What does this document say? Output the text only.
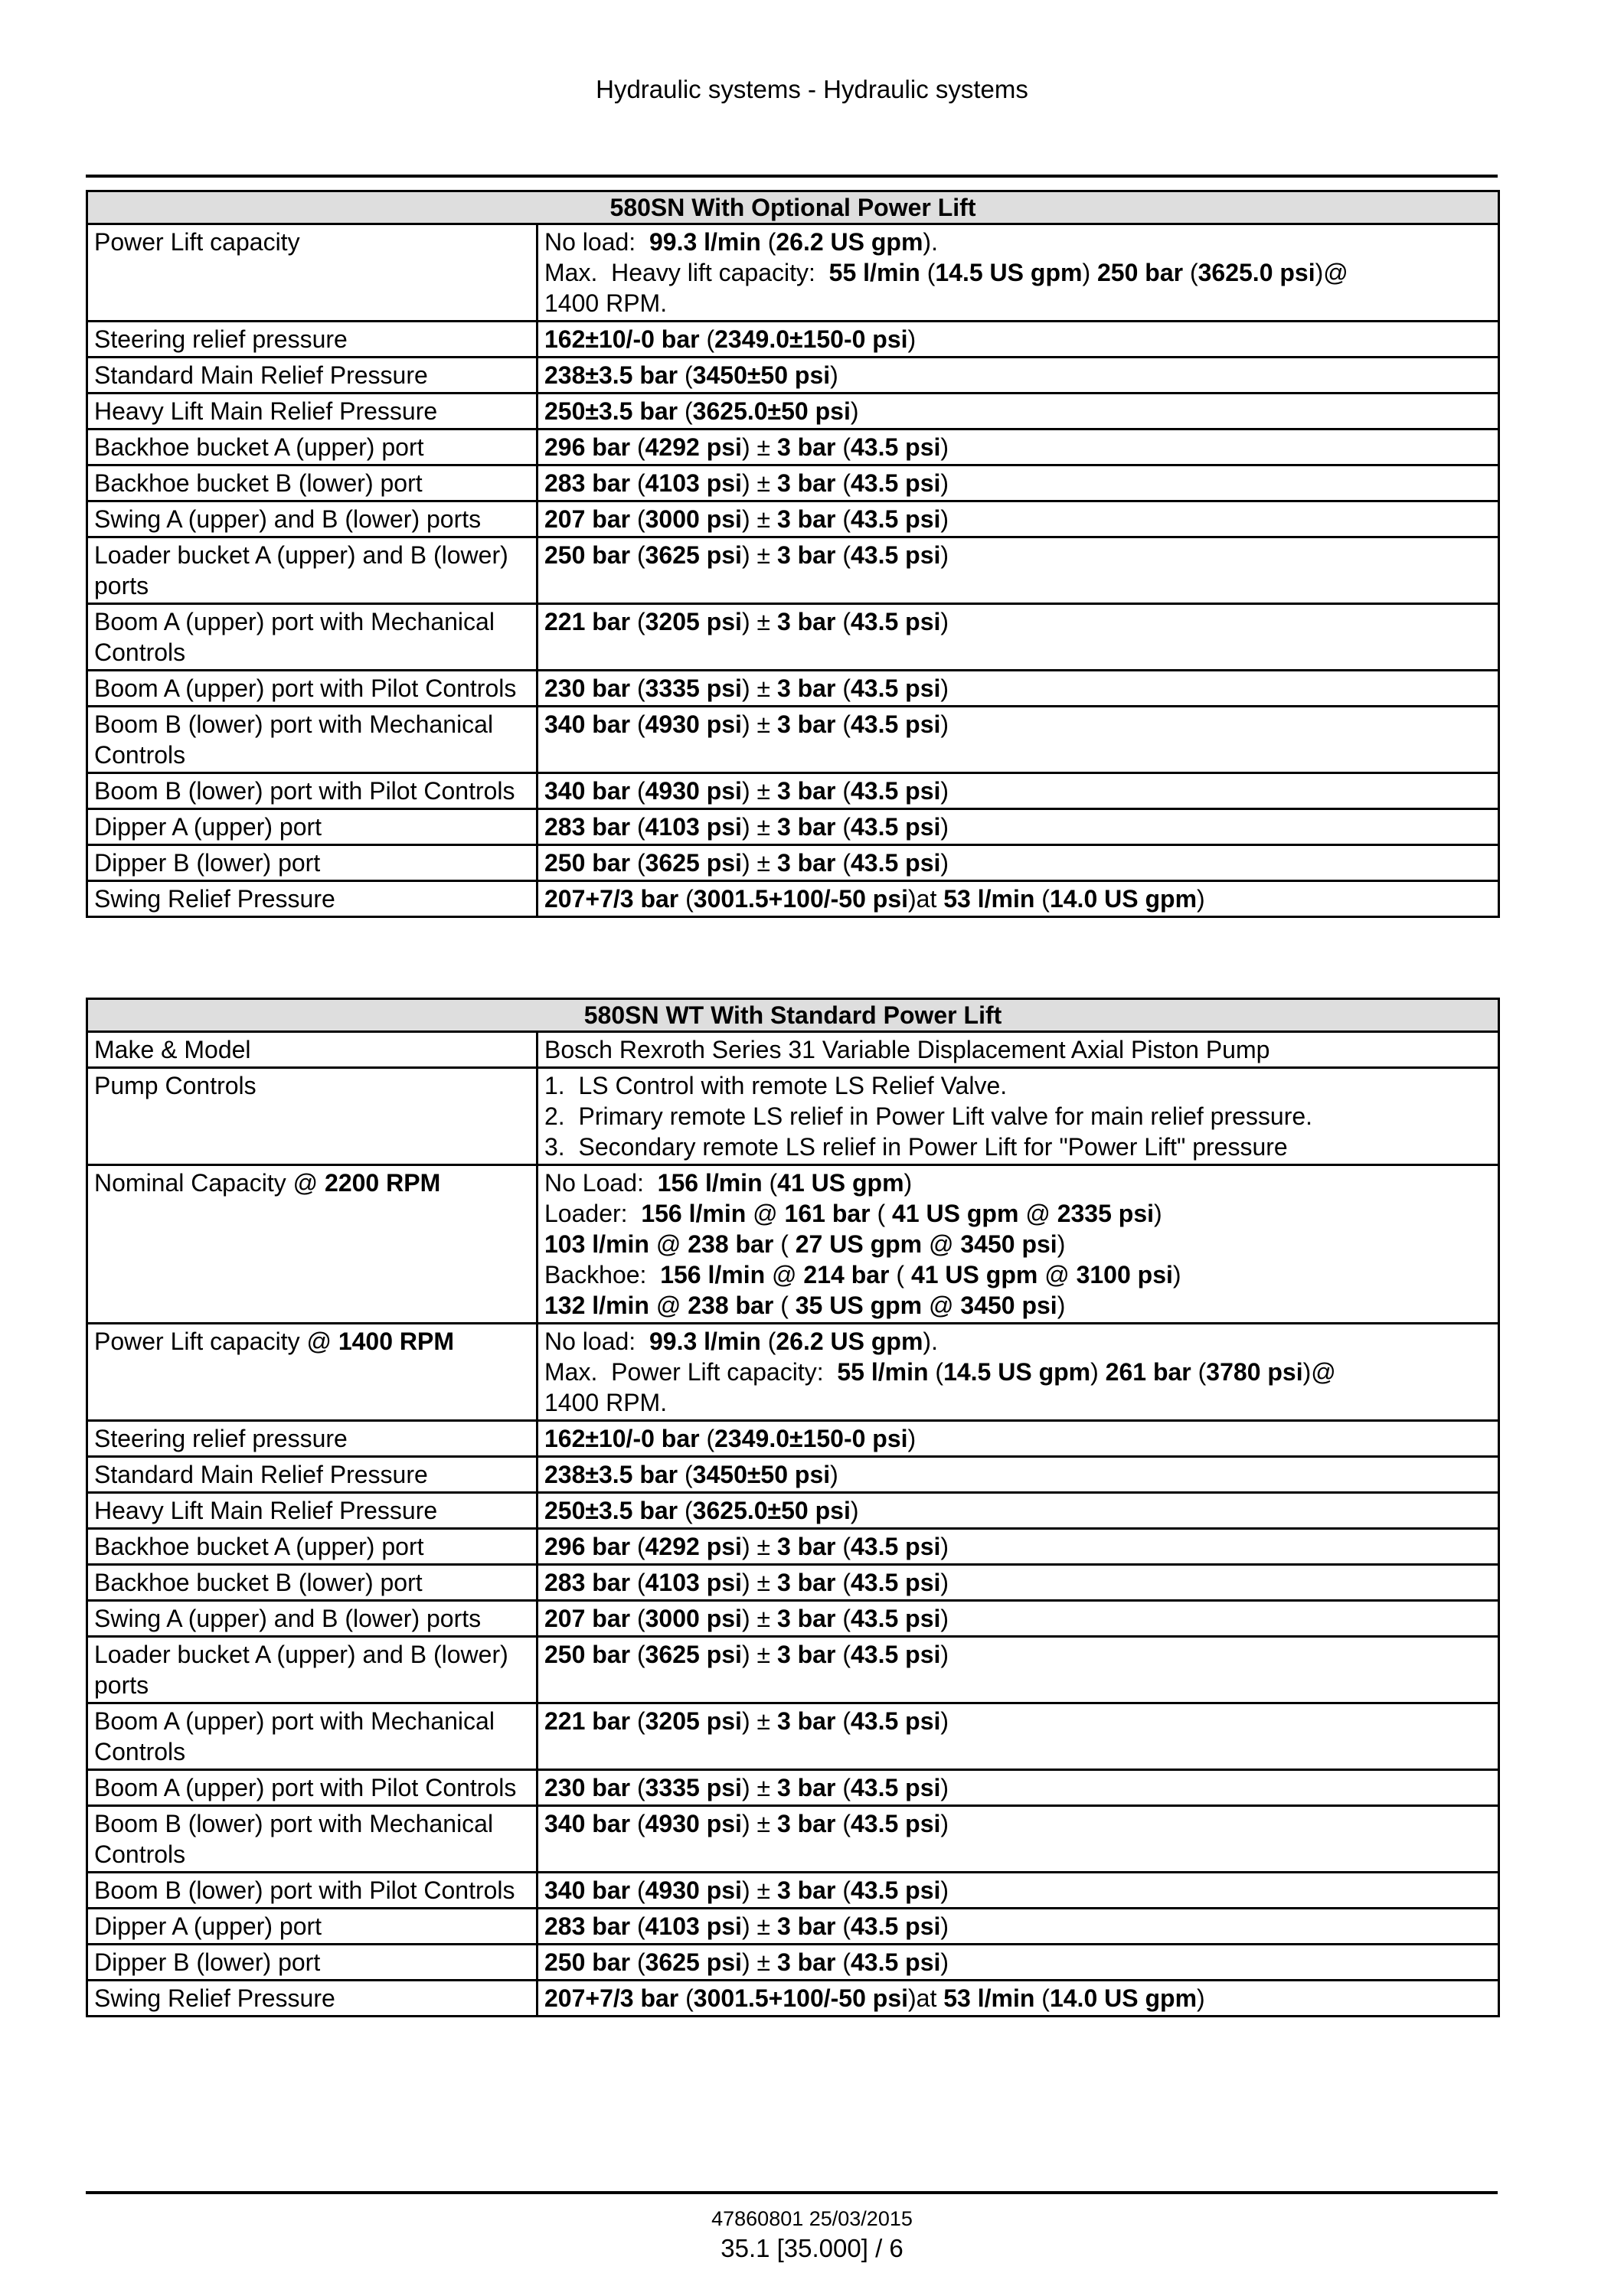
Hydraulic systems - Hydraulic systems
580SN With Optional Power Lift	
Power Lift capacity	No load:  99.3 l/min (26.2 US gpm).
Max.  Heavy lift capacity:  55 l/min (14.5 US gpm) 250 bar (3625.0 psi)@
1400 RPM.
Steering relief pressure	162±10/-0 bar (2349.0±150-0 psi)
Standard Main Relief Pressure	238±3.5 bar (3450±50 psi)
Heavy Lift Main Relief Pressure	250±3.5 bar (3625.0±50 psi)
Backhoe bucket A (upper) port	296 bar (4292 psi) ± 3 bar (43.5 psi)
Backhoe bucket B (lower) port	283 bar (4103 psi) ± 3 bar (43.5 psi)
Swing A (upper) and B (lower) ports	207 bar (3000 psi) ± 3 bar (43.5 psi)
Loader bucket A (upper) and B (lower) ports	250 bar (3625 psi) ± 3 bar (43.5 psi)
Boom A (upper) port with Mechanical Controls	221 bar (3205 psi) ± 3 bar (43.5 psi)
Boom A (upper) port with Pilot Controls	230 bar (3335 psi) ± 3 bar (43.5 psi)
Boom B (lower) port with Mechanical Controls	340 bar (4930 psi) ± 3 bar (43.5 psi)
Boom B (lower) port with Pilot Controls	340 bar (4930 psi) ± 3 bar (43.5 psi)
Dipper A (upper) port	283 bar (4103 psi) ± 3 bar (43.5 psi)
Dipper B (lower) port	250 bar (3625 psi) ± 3 bar (43.5 psi)
Swing Relief Pressure	207+7/3 bar (3001.5+100/-50 psi)at 53 l/min (14.0 US gpm)
580SN WT With Standard Power Lift	
Make & Model	Bosch Rexroth Series 31 Variable Displacement Axial Piston Pump
Pump Controls	1.  LS Control with remote LS Relief Valve.
2.  Primary remote LS relief in Power Lift valve for main relief pressure.
3.  Secondary remote LS relief in Power Lift for "Power Lift" pressure
Nominal Capacity @ 2200 RPM	No Load:  156 l/min (41 US gpm)
Loader:  156 l/min @ 161 bar ( 41 US gpm @ 2335 psi)
103 l/min @ 238 bar ( 27 US gpm @ 3450 psi)
Backhoe:  156 l/min @ 214 bar ( 41 US gpm @ 3100 psi)
132 l/min @ 238 bar ( 35 US gpm @ 3450 psi)
Power Lift capacity @ 1400 RPM	No load:  99.3 l/min (26.2 US gpm).
Max.  Power Lift capacity:  55 l/min (14.5 US gpm) 261 bar (3780 psi)@
1400 RPM.
Steering relief pressure	162±10/-0 bar (2349.0±150-0 psi)
Standard Main Relief Pressure	238±3.5 bar (3450±50 psi)
Heavy Lift Main Relief Pressure	250±3.5 bar (3625.0±50 psi)
Backhoe bucket A (upper) port	296 bar (4292 psi) ± 3 bar (43.5 psi)
Backhoe bucket B (lower) port	283 bar (4103 psi) ± 3 bar (43.5 psi)
Swing A (upper) and B (lower) ports	207 bar (3000 psi) ± 3 bar (43.5 psi)
Loader bucket A (upper) and B (lower) ports	250 bar (3625 psi) ± 3 bar (43.5 psi)
Boom A (upper) port with Mechanical Controls	221 bar (3205 psi) ± 3 bar (43.5 psi)
Boom A (upper) port with Pilot Controls	230 bar (3335 psi) ± 3 bar (43.5 psi)
Boom B (lower) port with Mechanical Controls	340 bar (4930 psi) ± 3 bar (43.5 psi)
Boom B (lower) port with Pilot Controls	340 bar (4930 psi) ± 3 bar (43.5 psi)
Dipper A (upper) port	283 bar (4103 psi) ± 3 bar (43.5 psi)
Dipper B (lower) port	250 bar (3625 psi) ± 3 bar (43.5 psi)
Swing Relief Pressure	207+7/3 bar (3001.5+100/-50 psi)at 53 l/min (14.0 US gpm)
47860801 25/03/2015
35.1 [35.000] / 6
